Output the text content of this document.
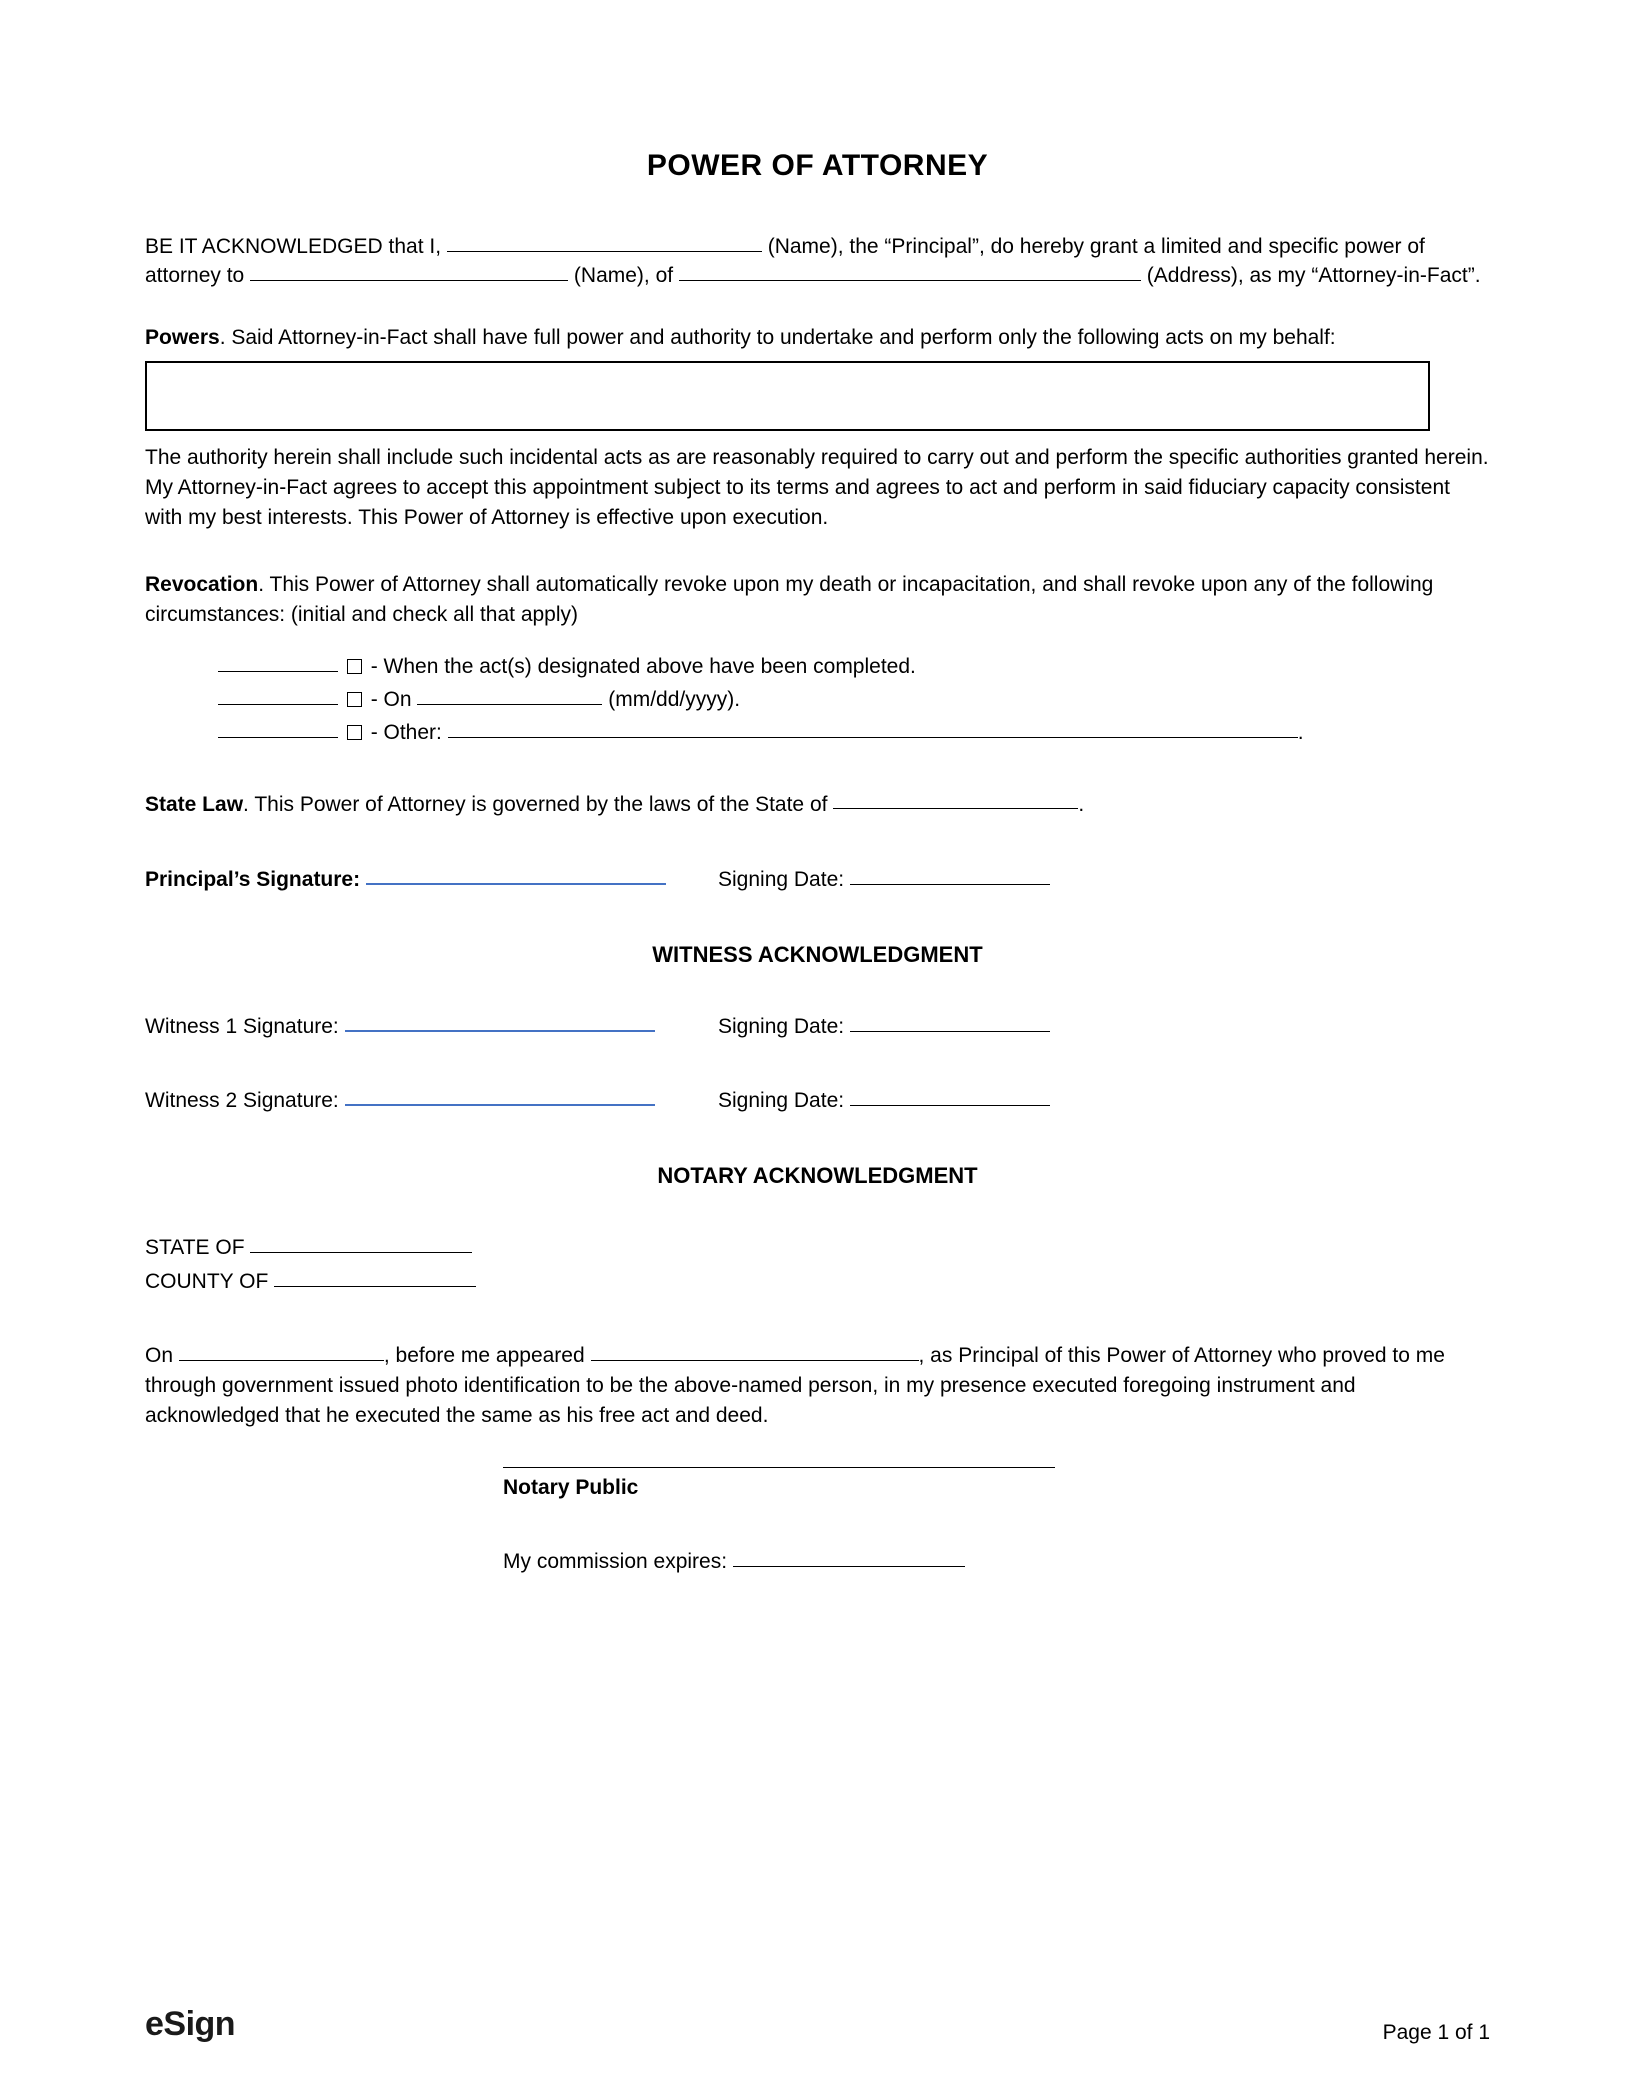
POWER OF ATTORNEY

BE IT ACKNOWLEDGED that I,	(Name), the “Principal”, do hereby grant a limited and specific power of attorney to	(Name), of	(Address), as my “Attorney-in-Fact”.

Powers. Said Attorney-in-Fact shall have full power and authority to undertake and perform only the following acts on my behalf:

The authority herein shall include such incidental acts as are reasonably required to carry out and perform the specific authorities granted herein. My Attorney-in-Fact agrees to accept this appointment subject to its terms and agrees to act and perform in said fiduciary capacity consistent with my best interests. This Power of Attorney is effective upon execution.

Revocation. This Power of Attorney shall automatically revoke upon my death or incapacitation, and shall revoke upon any of the following circumstances: (initial and check all that apply)

- When the act(s) designated above have been completed.
- On	(mm/dd/yyyy).
- Other:	.

State Law. This Power of Attorney is governed by the laws of the State of	.

Principal’s Signature:	Signing Date:
WITNESS ACKNOWLEDGMENT
Witness 1 Signature:	Signing Date:
Witness 2 Signature:	Signing Date:
NOTARY ACKNOWLEDGMENT

STATE OF

COUNTY OF

On	, before me appeared	, as Principal of this Power of Attorney who proved to me through government issued photo identification to be the above-named person, in my presence executed foregoing instrument and acknowledged that he executed the same as his free act and deed.

Notary Public
My commission expires:
eSign	Page 1 of 1
